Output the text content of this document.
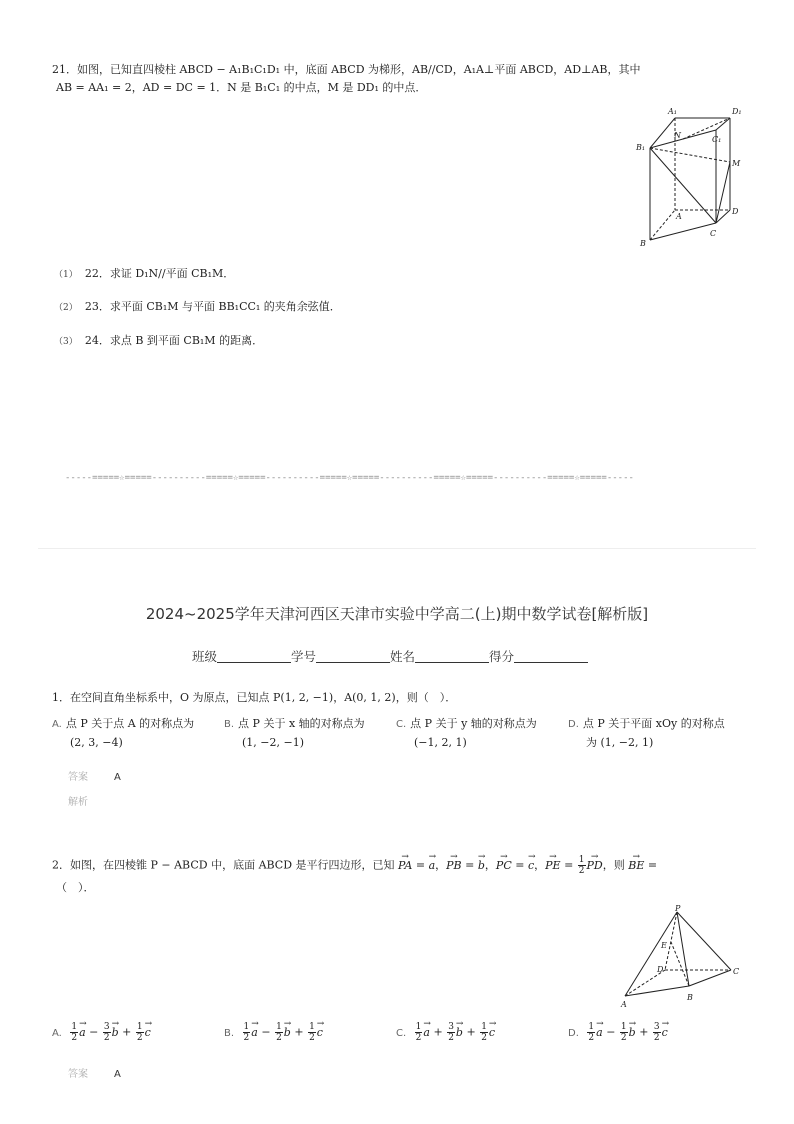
21．如图，已知直四棱柱 ABCD − A₁B₁C₁D₁ 中，底面 ABCD 为梯形，AB//CD，A₁A⊥平面 ABCD，AD⊥AB，其中
AB = AA₁ = 2，AD = DC = 1．N 是 B₁C₁ 的中点，M 是 DD₁ 的中点．
A₁	D₁
N	C₁
B₁
M
A
D
B
C
（1） 22．求证 D₁N//平面 CB₁M．
（2） 23．求平面 CB₁M 与平面 BB₁CC₁ 的夹角余弦值．
（3） 24．求点 B 到平面 CB₁M 的距离．
-----=====☆=====----------=====☆=====----------=====☆=====----------=====☆=====----------=====☆=====-----
2024~2025学年天津河西区天津市实验中学高二(上)期中数学试卷[解析版]
班级	学号	姓名	得分
1．在空间直角坐标系中，O 为原点，已知点 P(1, 2, −1)，A(0, 1, 2)，则（　）．
A. 点 P 关于点 A 的对称点为
(2, 3, −4)
B. 点 P 关于 x 轴的对称点为
(1, −2, −1)
C. 点 P 关于 y 轴的对称点为
(−1, 2, 1)
D. 点 P 关于平面 xOy 的对称点
为 (1, −2, 1)
答案	A
解析
2．如图，在四棱锥 P − ABCD 中，底面 ABCD 是平行四边形，已知 → PA = → a，→ PB = → b，→ PC = → c，→ PE = $\frac{1}{2}$
→ PD，则 → BE =
（　）．
P
E
D	C
A
B
A. $\frac{1}{2}$
→ $a - \frac{3}{2}$
→ $b + \frac{1}{2}$
→ c	B. $\frac{1}{2}$
→ $a - \frac{1}{2}$
→ $b + \frac{1}{2}$
→ c	C. $\frac{1}{2}$
→ $a + \frac{3}{2}$
→ $b + \frac{1}{2}$
→ c	D. $\frac{1}{2}$
→ $a - \frac{1}{2}$
→ $b + \frac{3}{2}$
→ c
答案	A
